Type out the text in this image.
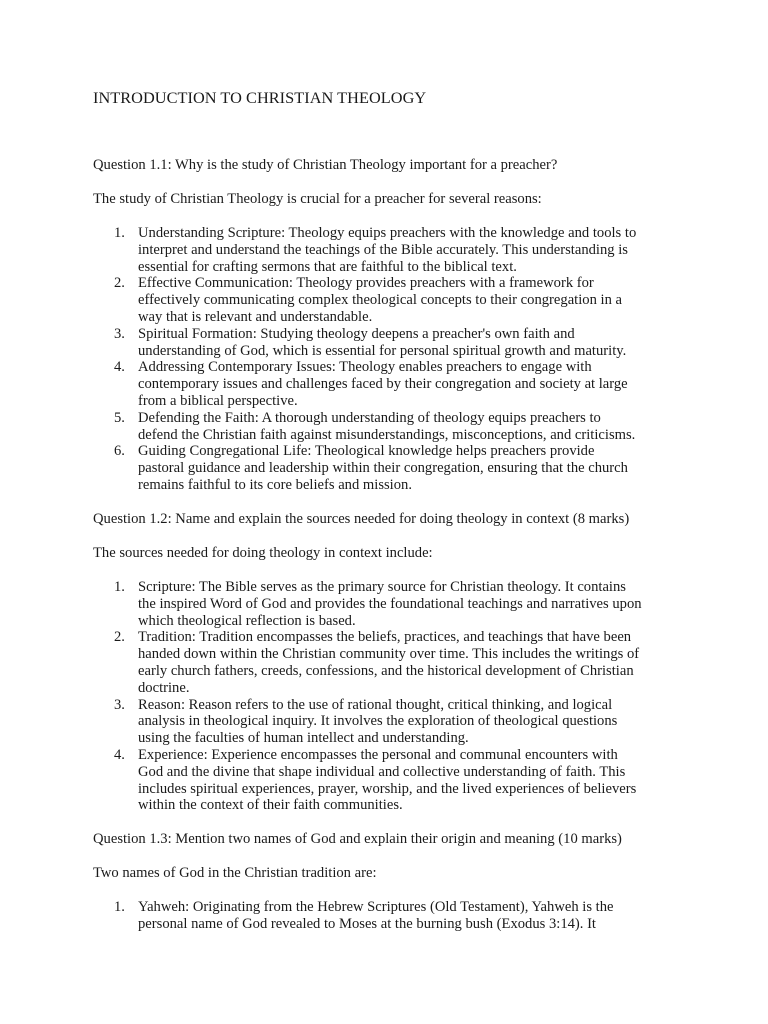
INTRODUCTION TO CHRISTIAN THEOLOGY

Question 1.1: Why is the study of Christian Theology important for a preacher?

The study of Christian Theology is crucial for a preacher for several reasons:

1. Understanding Scripture: Theology equips preachers with the knowledge and tools to
interpret and understand the teachings of the Bible accurately. This understanding is
essential for crafting sermons that are faithful to the biblical text.
2. Effective Communication: Theology provides preachers with a framework for
effectively communicating complex theological concepts to their congregation in a
way that is relevant and understandable.
3. Spiritual Formation: Studying theology deepens a preacher's own faith and
understanding of God, which is essential for personal spiritual growth and maturity.
4. Addressing Contemporary Issues: Theology enables preachers to engage with
contemporary issues and challenges faced by their congregation and society at large
from a biblical perspective.
5. Defending the Faith: A thorough understanding of theology equips preachers to
defend the Christian faith against misunderstandings, misconceptions, and criticisms.
6. Guiding Congregational Life: Theological knowledge helps preachers provide
pastoral guidance and leadership within their congregation, ensuring that the church
remains faithful to its core beliefs and mission.

Question 1.2: Name and explain the sources needed for doing theology in context (8 marks)

The sources needed for doing theology in context include:

1. Scripture: The Bible serves as the primary source for Christian theology. It contains
the inspired Word of God and provides the foundational teachings and narratives upon
which theological reflection is based.
2. Tradition: Tradition encompasses the beliefs, practices, and teachings that have been
handed down within the Christian community over time. This includes the writings of
early church fathers, creeds, confessions, and the historical development of Christian
doctrine.
3. Reason: Reason refers to the use of rational thought, critical thinking, and logical
analysis in theological inquiry. It involves the exploration of theological questions
using the faculties of human intellect and understanding.
4. Experience: Experience encompasses the personal and communal encounters with
God and the divine that shape individual and collective understanding of faith. This
includes spiritual experiences, prayer, worship, and the lived experiences of believers
within the context of their faith communities.

Question 1.3: Mention two names of God and explain their origin and meaning (10 marks)

Two names of God in the Christian tradition are:

1. Yahweh: Originating from the Hebrew Scriptures (Old Testament), Yahweh is the
personal name of God revealed to Moses at the burning bush (Exodus 3:14). It
